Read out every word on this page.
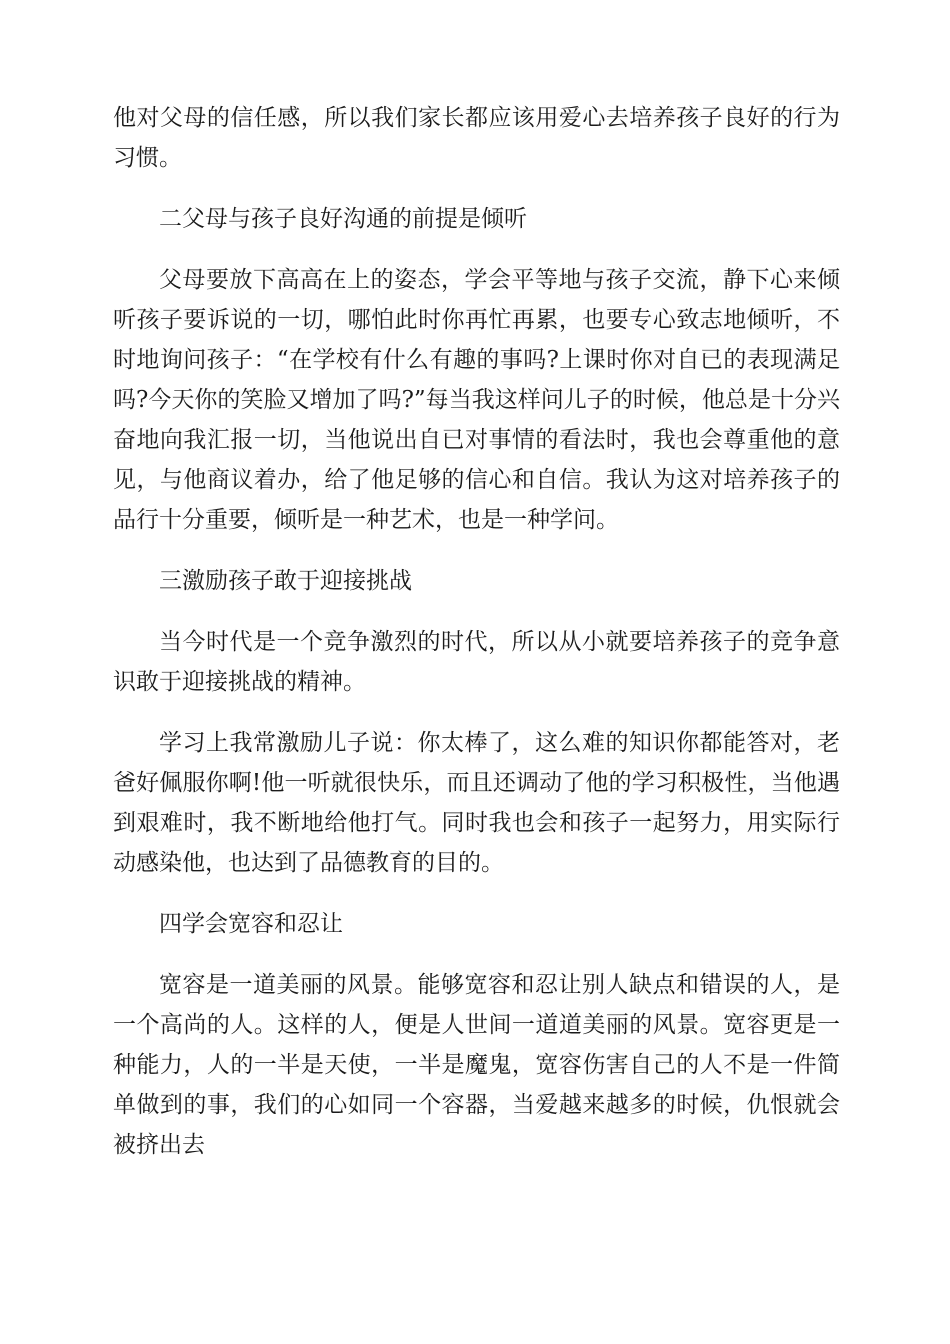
他对父母的信任感，所以我们家长都应该用爱心去培养孩子良好的行为习惯。

二父母与孩子良好沟通的前提是倾听

父母要放下高高在上的姿态，学会平等地与孩子交流，静下心来倾听孩子要诉说的一切，哪怕此时你再忙再累，也要专心致志地倾听，不时地询问孩子：“在学校有什么有趣的事吗?上课时你对自已的表现满足吗?今天你的笑脸又增加了吗?”每当我这样问儿子的时候，他总是十分兴奋地向我汇报一切，当他说出自已对事情的看法时，我也会尊重他的意见，与他商议着办，给了他足够的信心和自信。我认为这对培养孩子的品行十分重要，倾听是一种艺术，也是一种学问。

三激励孩子敢于迎接挑战

当今时代是一个竞争激烈的时代，所以从小就要培养孩子的竞争意识敢于迎接挑战的精神。

学习上我常激励儿子说：你太棒了，这么难的知识你都能答对，老爸好佩服你啊!他一听就很快乐，而且还调动了他的学习积极性，当他遇到艰难时，我不断地给他打气。同时我也会和孩子一起努力，用实际行动感染他，也达到了品德教育的目的。

四学会宽容和忍让

宽容是一道美丽的风景。能够宽容和忍让别人缺点和错误的人，是一个高尚的人。这样的人，便是人世间一道道美丽的风景。宽容更是一种能力，人的一半是天使，一半是魔鬼，宽容伤害自己的人不是一件简单做到的事，我们的心如同一个容器，当爱越来越多的时候，仇恨就会被挤出去
